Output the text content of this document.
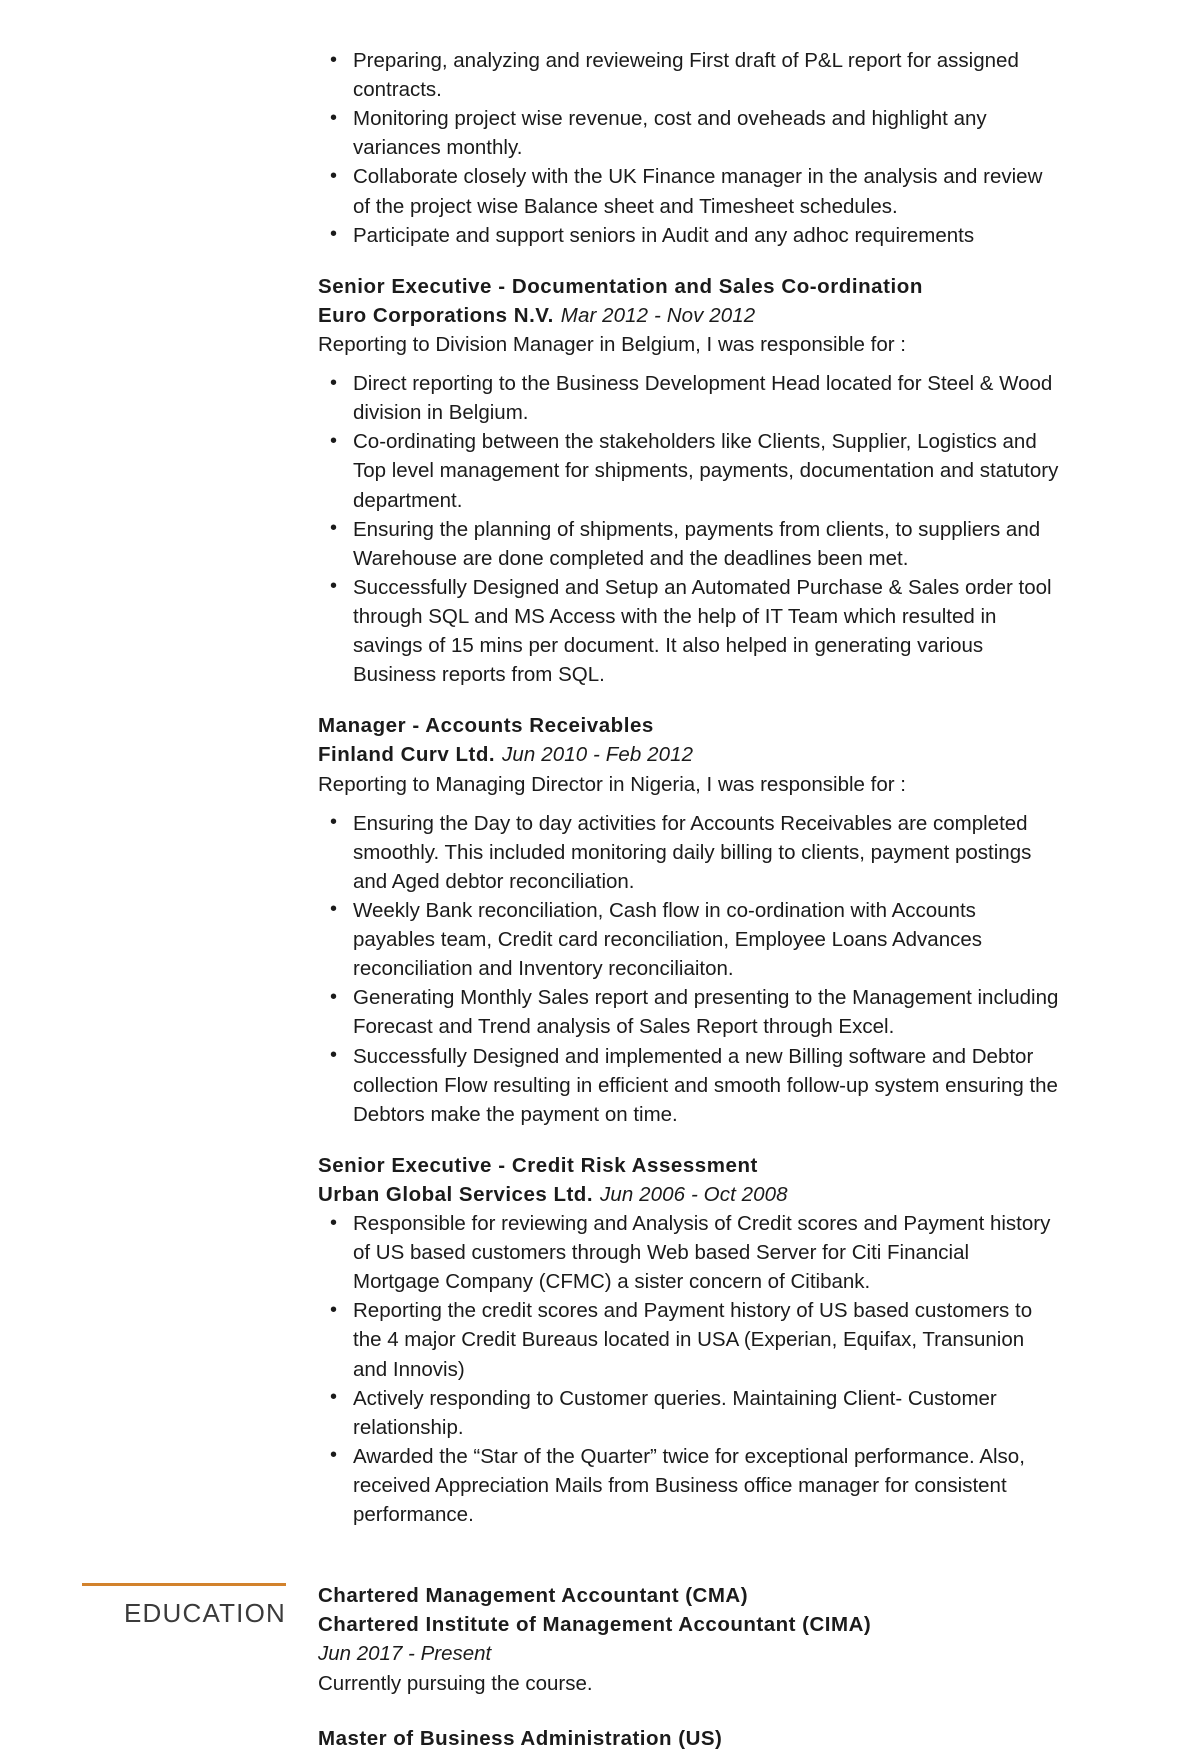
• Preparing, analyzing and revieweing First draft of P&L report for assigned contracts.
• Monitoring project wise revenue, cost and oveheads and highlight any variances monthly.
• Collaborate closely with the UK Finance manager in the analysis and review of the project wise Balance sheet and Timesheet schedules.
• Participate and support seniors in Audit and any adhoc requirements
Senior Executive - Documentation and Sales Co-ordination
Euro Corporations N.V. Mar 2012 - Nov 2012
Reporting to Division Manager in Belgium, I was responsible for :
• Direct reporting to the Business Development Head located for Steel & Wood division in Belgium.
• Co-ordinating between the stakeholders like Clients, Supplier, Logistics and Top level management for shipments, payments, documentation and statutory department.
• Ensuring the planning of shipments, payments from clients, to suppliers and Warehouse are done completed and the deadlines been met.
• Successfully Designed and Setup an Automated Purchase & Sales order tool through SQL and MS Access with the help of IT Team which resulted in savings of 15 mins per document. It also helped in generating various Business reports from SQL.
Manager - Accounts Receivables
Finland Curv Ltd. Jun 2010 - Feb 2012
Reporting to Managing Director in Nigeria, I was responsible for :
• Ensuring the Day to day activities for Accounts Receivables are completed smoothly. This included monitoring daily billing to clients, payment postings and Aged debtor reconciliation.
• Weekly Bank reconciliation, Cash flow in co-ordination with Accounts payables team, Credit card reconciliation, Employee Loans Advances reconciliation and Inventory reconciliaiton.
• Generating Monthly Sales report and presenting to the Management including Forecast and Trend analysis of Sales Report through Excel.
• Successfully Designed and implemented a new Billing software and Debtor collection Flow resulting in efficient and smooth follow-up system ensuring the Debtors make the payment on time.
Senior Executive - Credit Risk Assessment
Urban Global Services Ltd. Jun 2006 - Oct 2008
• Responsible for reviewing and Analysis of Credit scores and Payment history of US based customers through Web based Server for Citi Financial Mortgage Company (CFMC) a sister concern of Citibank.
• Reporting the credit scores and Payment history of US based customers to the 4 major Credit Bureaus located in USA (Experian, Equifax, Transunion and Innovis)
• Actively responding to Customer queries. Maintaining Client- Customer relationship.
• Awarded the “Star of the Quarter” twice for exceptional performance. Also, received Appreciation Mails from Business office manager for consistent performance.
EDUCATION
Chartered Management Accountant (CMA)
Chartered Institute of Management Accountant (CIMA)
Jun 2017 - Present
Currently pursuing the course.
Master of Business Administration (US)
